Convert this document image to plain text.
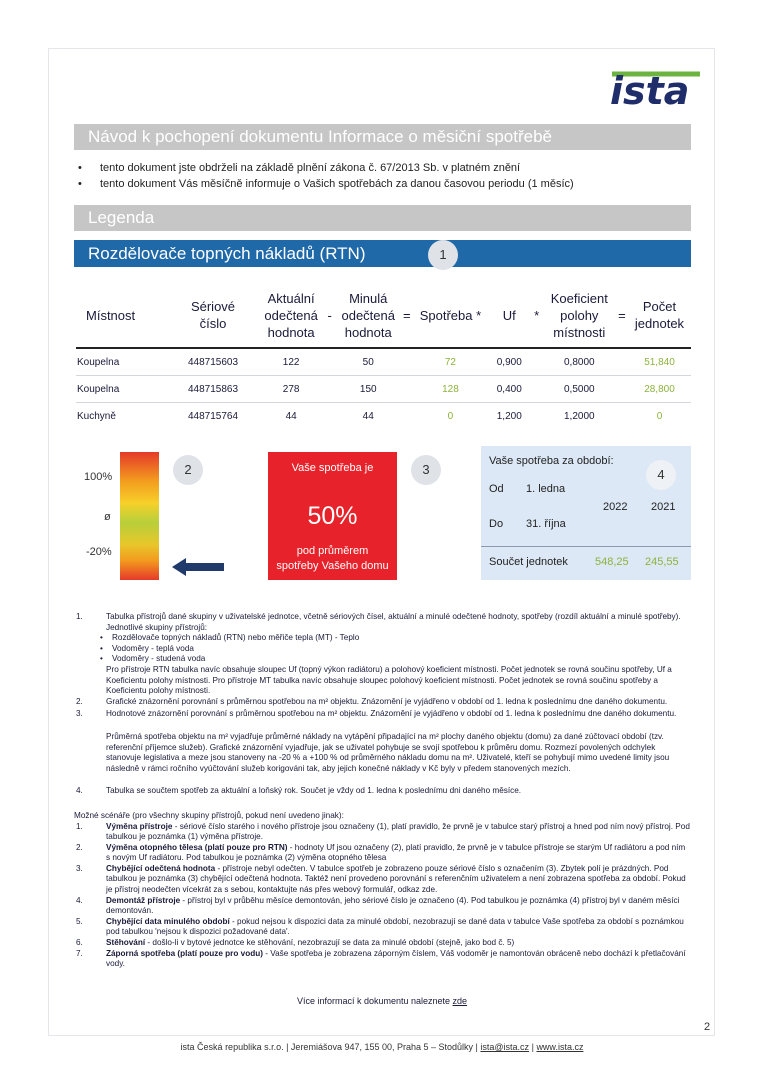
ista
Návod k pochopení dokumentu Informace o měsiční spotřebě
• tento dokument jste obdrželi na základě plnění zákona č. 67/2013 Sb. v platném znění
• tento dokument Vás měsíčně informuje o Vašich spotřebách za danou časovou periodu (1 měsíc)
Legenda
Rozdělovače topných nákladů (RTN)	1
Místnost	Sériové číslo	Aktuální odečtená hodnota	-	Minulá odečtená hodnota	=	Spotřeba *	Uf	*	Koeficient polohy místnosti	=	Počet jednotek
Koupelna	448715603	122		50		72	0,900		0,8000		51,840
Koupelna	448715863	278		150		128	0,400		0,5000		28,800
Kuchyně	448715764	44		44		0	1,200		1,2000		0
100%
ø
-20%
2	Vaše spotřeba je
50%
pod průměrem
spotřeby Vašeho domu
3
Vaše spotřeba za období:
4
Od 1. ledna
2022 2021
Do 31. října
Součet jednotek 548,25 245,55
1.	Tabulka přístrojů dané skupiny v uživatelské jednotce, včetně sériových čísel, aktuální a minulé odečtené hodnoty, spotřeby (rozdíl aktuální a minulé spotřeby). Jednotlivé skupiny přístrojů:

• Rozdělovače topných nákladů (RTN) nebo měřiče tepla (MT) - Teplo
• Vodoměry - teplá voda
• Vodoměry - studená voda

Pro přístroje RTN tabulka navíc obsahuje sloupec Uf (topný výkon radiátoru) a polohový koeficient místnosti. Počet jednotek se rovná součinu spotřeby, Uf a Koeficientu polohy místnosti. Pro přístroje MT tabulka navíc obsahuje sloupec polohový koeficient místnosti. Počet jednotek se rovná součinu spotřeby a Koeficientu polohy místnosti.

2.	Grafické znázornění porovnání s průměrnou spotřebou na m² objektu. Znázornění je vyjádřeno v období od 1. ledna k poslednímu dne daného dokumentu.

3.	Hodnotové znázornění porovnání s průměrnou spotřebou na m² objektu. Znázornění je vyjádřeno v období od 1. ledna k poslednímu dne daného dokumentu.

Průměrná spotřeba objektu na m² vyjadřuje průměrné náklady na vytápění připadající na m² plochy daného objektu (domu) za dané zúčtovací období (tzv. referenční příjemce služeb). Grafické znázornění vyjadřuje, jak se uživatel pohybuje se svojí spotřebou k průměru domu. Rozmezí povolených odchylek stanovuje legislativa a meze jsou stanoveny na -20 % a +100 % od průměrného nákladu domu na m². Uživatelé, kteří se pohybují mimo uvedené limity jsou následně v rámci ročního vyúčtování služeb korigováni tak, aby jejich konečné náklady v Kč byly v předem stanovených mezích.

4.	Tabulka se součtem spotřeb za aktuální a loňský rok. Součet je vždy od 1. ledna k poslednímu dni daného měsíce.

Možné scénáře (pro všechny skupiny přístrojů, pokud není uvedeno jinak):

1.	Výměna přístroje - sériové číslo starého i nového přístroje jsou označeny (1), platí pravidlo, že prvně je v tabulce starý přístroj a hned pod ním nový přístroj. Pod tabulkou je poznámka (1) výměna přístroje.

2.	Výměna otopného tělesa (platí pouze pro RTN) - hodnoty Uf jsou označeny (2), platí pravidlo, že prvně je v tabulce přístroje se starým Uf radiátoru a pod ním s novým Uf radiátoru. Pod tabulkou je poznámka (2) výměna otopného tělesa

3.	Chybějící odečtená hodnota - přístroje nebyl odečten. V tabulce spotřeb je zobrazeno pouze sériové číslo s označením (3). Zbytek polí je prázdných. Pod tabulkou je poznámka (3) chybějící odečtená hodnota. Taktéž není provedeno porovnání s referenčním uživatelem a není zobrazena spotřeba za období. Pokud je přístroj neodečten vícekrát za s sebou, kontaktujte nás přes webový formulář, odkaz zde.

4.	Demontáž přístroje - přístroj byl v průběhu měsíce demontován, jeho sériové číslo je označeno (4). Pod tabulkou je poznámka (4) přístroj byl v daném měsíci demontován.

5.	Chybějící data minulého období - pokud nejsou k dispozici data za minulé období, nezobrazují se dané data v tabulce Vaše spotřeba za období s poznámkou pod tabulkou 'nejsou k dispozici požadované data'.

6.	Stěhování - došlo-li v bytové jednotce ke stěhování, nezobrazují se data za minulé období (stejně, jako bod č. 5)

7.	Záporná spotřeba (platí pouze pro vodu) - Vaše spotřeba je zobrazena záporným číslem, Váš vodoměr je namontován obráceně nebo dochází k přetlačování vody.

Více informací k dokumentu naleznete zde
2
ista Česká republika s.r.o. | Jeremiášova 947, 155 00, Praha 5 – Stodůlky | ista@ista.cz | www.ista.cz
